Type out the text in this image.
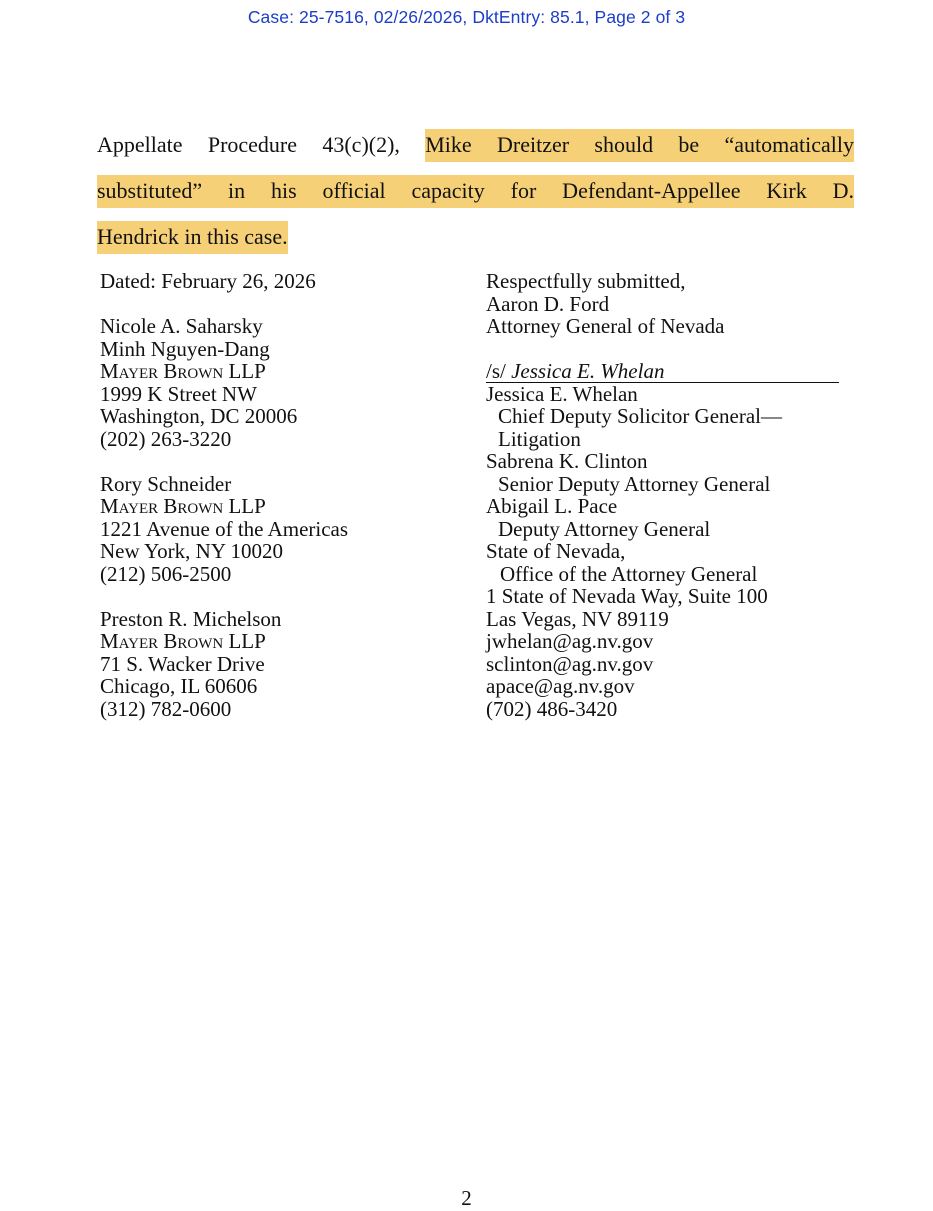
Case: 25-7516, 02/26/2026, DktEntry: 85.1, Page 2 of 3
Appellate Procedure 43(c)(2), Mike Dreitzer should be “automatically
substituted” in his official capacity for Defendant-Appellee Kirk D.
Hendrick in this case.
Dated: February 26, 2026
Nicole A. Saharsky
Minh Nguyen-Dang
Mayer Brown LLP
1999 K Street NW
Washington, DC 20006
(202) 263-3220
Rory Schneider
Mayer Brown LLP
1221 Avenue of the Americas
New York, NY 10020
(212) 506-2500
Preston R. Michelson
Mayer Brown LLP
71 S. Wacker Drive
Chicago, IL 60606
(312) 782-0600
Respectfully submitted,
Aaron D. Ford
Attorney General of Nevada
/s/ Jessica E. Whelan
Jessica E. Whelan
Chief Deputy Solicitor General—
Litigation
Sabrena K. Clinton
Senior Deputy Attorney General
Abigail L. Pace
Deputy Attorney General
State of Nevada,
Office of the Attorney General
1 State of Nevada Way, Suite 100
Las Vegas, NV 89119
jwhelan@ag.nv.gov
sclinton@ag.nv.gov
apace@ag.nv.gov
(702) 486-3420
2
